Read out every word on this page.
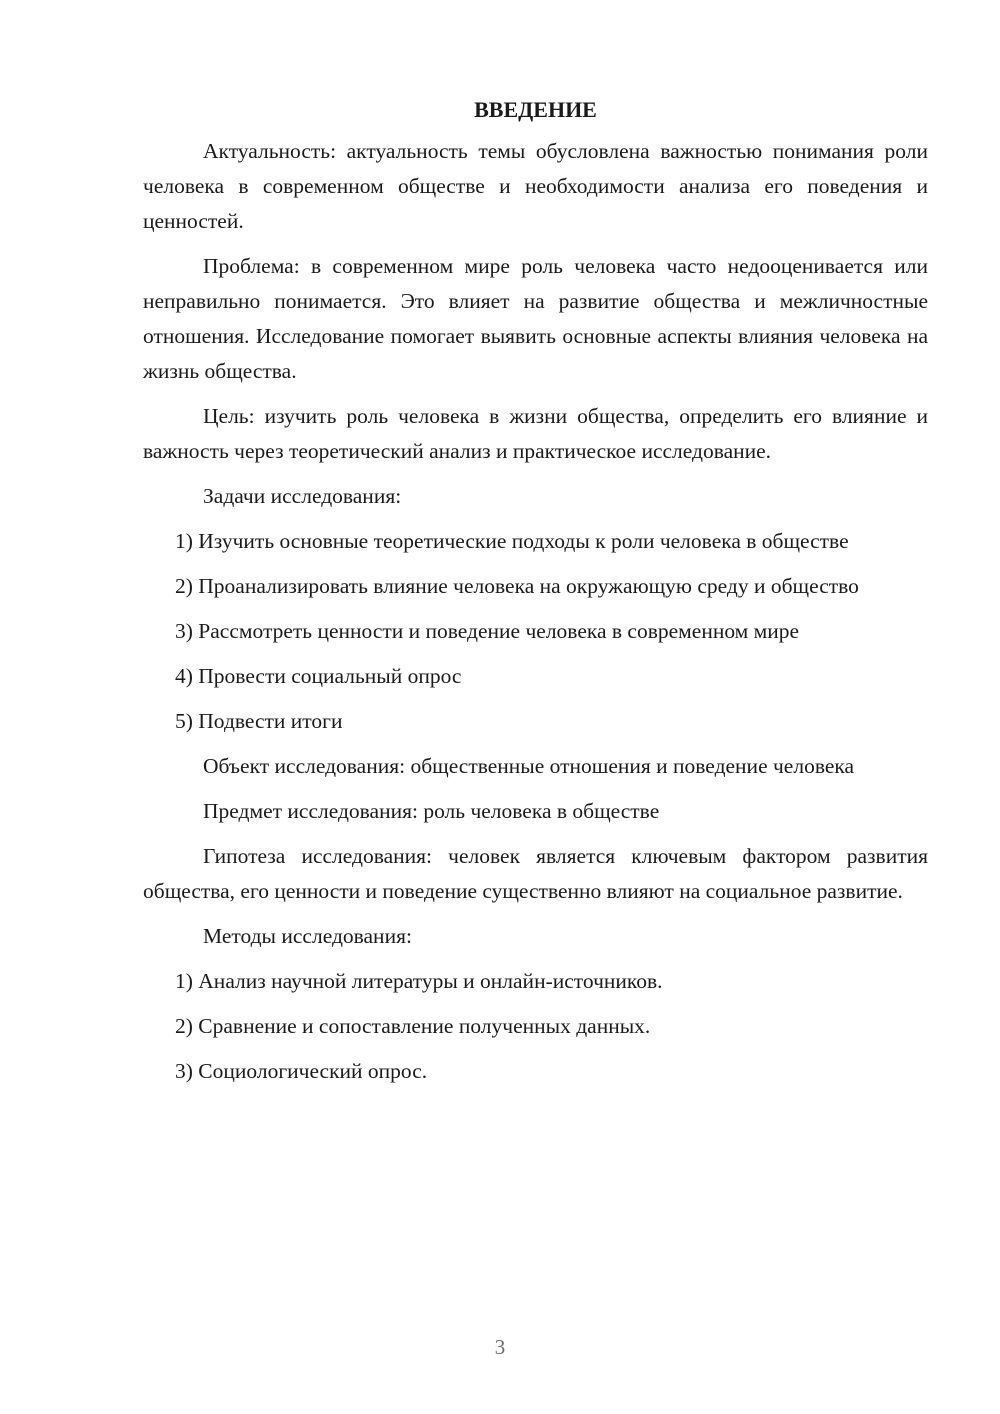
ВВЕДЕНИЕ

Актуальность: актуальность темы обусловлена важностью понимания роли человека в современном обществе и необходимости анализа его поведения и ценностей.

Проблема: в современном мире роль человека часто недооценивается или неправильно понимается. Это влияет на развитие общества и межличностные отношения. Исследование помогает выявить основные аспекты влияния человека на жизнь общества.

Цель: изучить роль человека в жизни общества, определить его влияние и важность через теоретический анализ и практическое исследование.

Задачи исследования:

1) Изучить основные теоретические подходы к роли человека в обществе

2) Проанализировать влияние человека на окружающую среду и общество

3) Рассмотреть ценности и поведение человека в современном мире

4) Провести социальный опрос

5) Подвести итоги

Объект исследования: общественные отношения и поведение человека

Предмет исследования: роль человека в обществе

Гипотеза исследования: человек является ключевым фактором развития общества, его ценности и поведение существенно влияют на социальное развитие.

Методы исследования:

1) Анализ научной литературы и онлайн-источников.

2) Сравнение и сопоставление полученных данных.

3) Социологический опрос.

3
